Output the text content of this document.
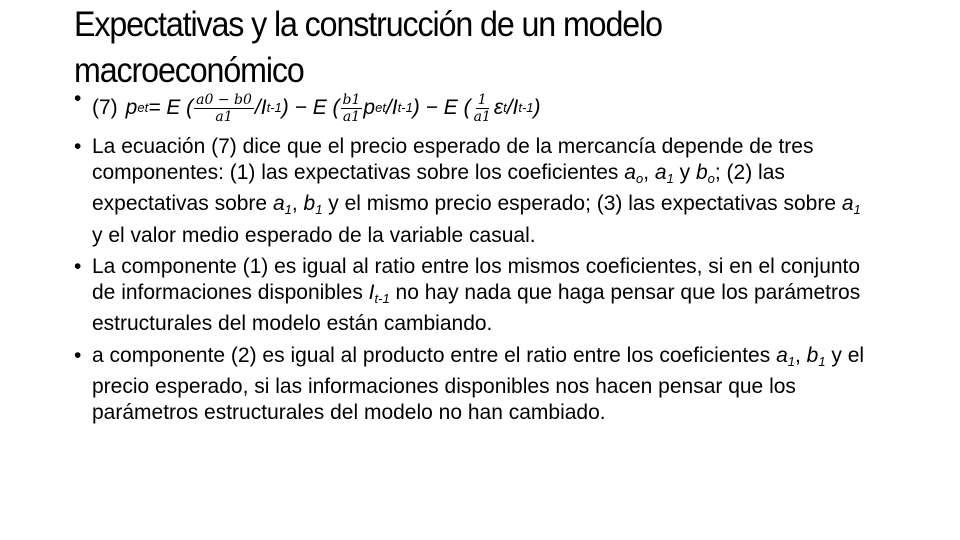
Expectativas y la construcción de un modelo macroeconómico
• (7) p e t = E ( $\frac{a0 - b0}{a1} /I$ t-1 ) − E ( $\frac{b1}{a1}$ p e t /I t-1 ) − E ( $\frac{1}{a1}$ ε t /I t-1 )
• La ecuación (7) dice que el precio esperado de la mercancía depende de tres componentes: (1) las expectativas sobre los coeficientes $a_o$, $a_1$ y $b_o$; (2) las expectativas sobre $a_1$, $b_1$ y el mismo precio esperado; (3) las expectativas sobre $a_1$ y el valor medio esperado de la variable casual.
• La componente (1) es igual al ratio entre los mismos coeficientes, si en el conjunto de informaciones disponibles $I_{t-1}$ no hay nada que haga pensar que los parámetros estructurales del modelo están cambiando.
• a componente (2) es igual al producto entre el ratio entre los coeficientes $a_1$, $b_1$ y el precio esperado, si las informaciones disponibles nos hacen pensar que los parámetros estructurales del modelo no han cambiado.
